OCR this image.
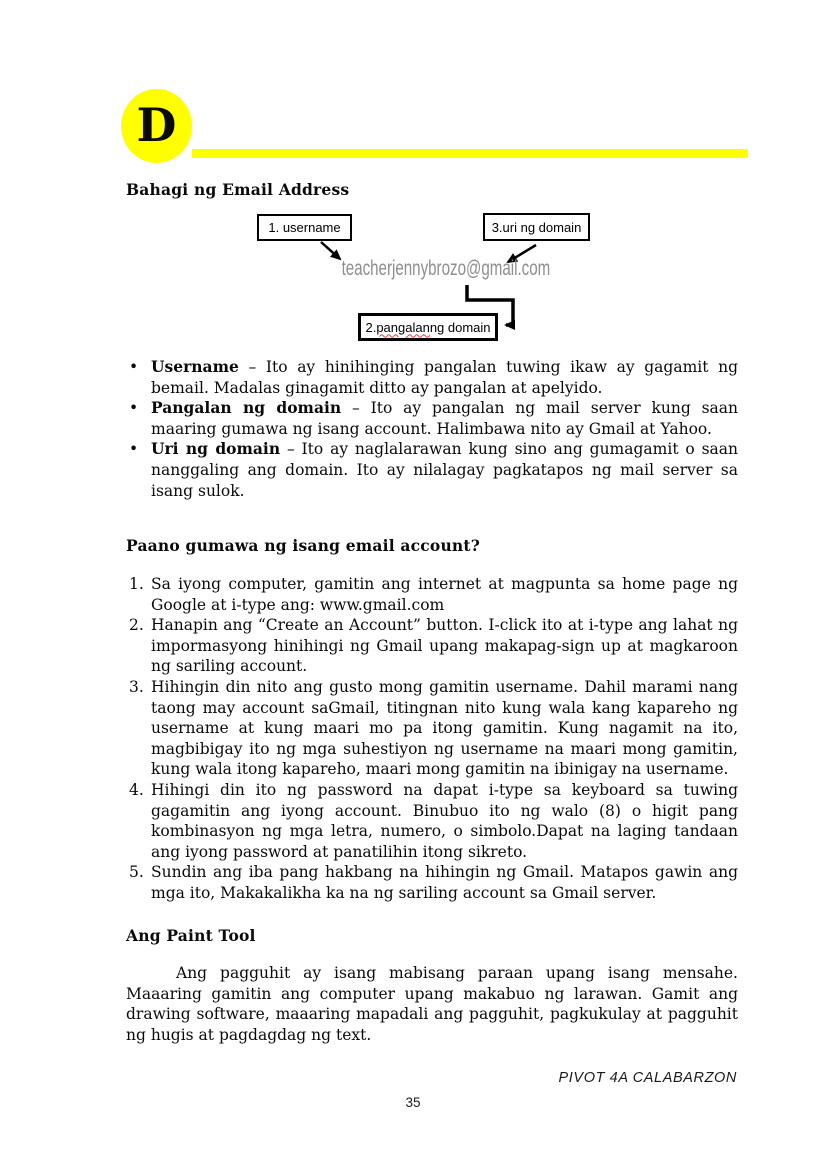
D
Bahagi ng Email Address
1. username	3.uri ng domain
2. pangalan ng domain
teacherjennybrozo@gmail.com
• Username – Ito ay hinihinging pangalan tuwing ikaw ay gagamit ng bemail. Madalas ginagamit ditto ay pangalan at apelyido.
• Pangalan ng domain – Ito ay pangalan ng mail server kung saan maaring gumawa ng isang account. Halimbawa nito ay Gmail at Yahoo.
• Uri ng domain – Ito ay naglalarawan kung sino ang gumagamit o saan nanggaling ang domain. Ito ay nilalagay pagkatapos ng mail server sa isang sulok.
Paano gumawa ng isang email account?
1. Sa iyong computer, gamitin ang internet at magpunta sa home page ng Google at i-type ang: www.gmail.com
2. Hanapin ang “Create an Account” button. I-click ito at i-type ang lahat ng impormasyong hinihingi ng Gmail upang makapag-sign up at magkaroon ng sariling account.
3. Hihingin din nito ang gusto mong gamitin username. Dahil marami nang taong may account saGmail, titingnan nito kung wala kang kapareho ng username at kung maari mo pa itong gamitin. Kung nagamit na ito, magbibigay ito ng mga suhestiyon ng username na maari mong gamitin, kung wala itong kapareho, maari mong gamitin na ibinigay na username.
4. Hihingi din ito ng password na dapat i-type sa keyboard sa tuwing gagamitin ang iyong account. Binubuo ito ng walo (8) o higit pang kombinasyon ng mga letra, numero, o simbolo.Dapat na laging tandaan ang iyong password at panatilihin itong sikreto.
5. Sundin ang iba pang hakbang na hihingin ng Gmail. Matapos gawin ang mga ito, Makakalikha ka na ng sariling account sa Gmail server.
Ang Paint Tool
Ang pagguhit ay isang mabisang paraan upang isang mensahe. Maaaring gamitin ang computer upang makabuo ng larawan. Gamit ang drawing software, maaaring mapadali ang pagguhit, pagkukulay at pagguhit ng hugis at pagdagdag ng text.
PIVOT 4A CALABARZON
35
